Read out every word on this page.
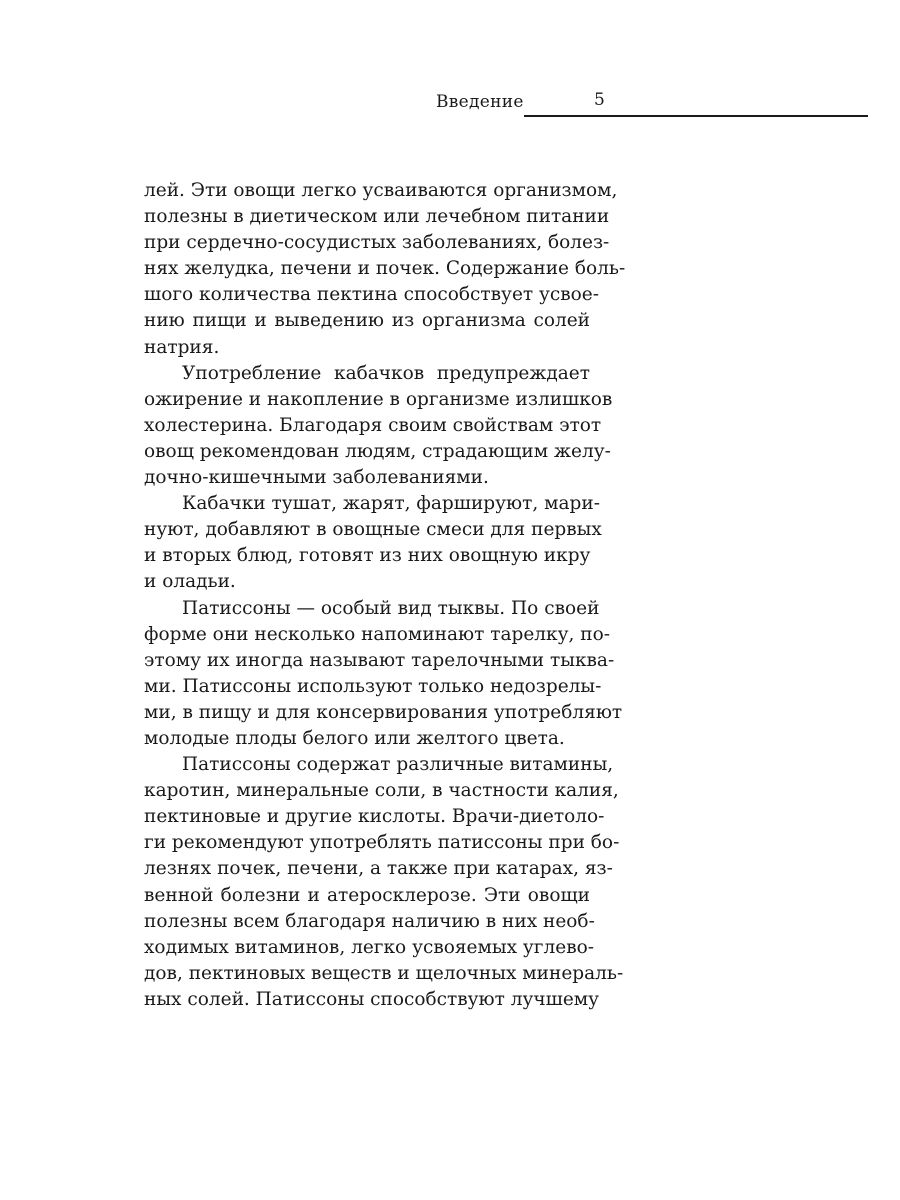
Введение	5

лей. Эти овощи легко усваиваются организмом,
полезны в диетическом или лечебном питании
при сердечно-сосудистых заболеваниях, болез-
нях желудка, печени и почек. Содержание боль-
шого количества пектина способствует усвое-
нию пищи и выведению из организма солей
натрия.

Употребление кабачков предупреждает
ожирение и накопление в организме излишков
холестерина. Благодаря своим свойствам этот
овощ рекомендован людям, страдающим желу-
дочно-кишечными заболеваниями.

Кабачки тушат, жарят, фаршируют, мари-
нуют, добавляют в овощные смеси для первых
и вторых блюд, готовят из них овощную икру
и оладьи.

Патиссоны — особый вид тыквы. По своей
форме они несколько напоминают тарелку, по-
этому их иногда называют тарелочными тыква-
ми. Патиссоны используют только недозрелы-
ми, в пищу и для консервирования употребляют
молодые плоды белого или желтого цвета.

Патиссоны содержат различные витамины,
каротин, минеральные соли, в частности калия,
пектиновые и другие кислоты. Врачи-диетоло-
ги рекомендуют употреблять патиссоны при бо-
лезнях почек, печени, а также при катарах, яз-
венной болезни и атеросклерозе. Эти овощи
полезны всем благодаря наличию в них необ-
ходимых витаминов, легко усвояемых углево-
дов, пектиновых веществ и щелочных минераль-
ных солей. Патиссоны способствуют лучшему
